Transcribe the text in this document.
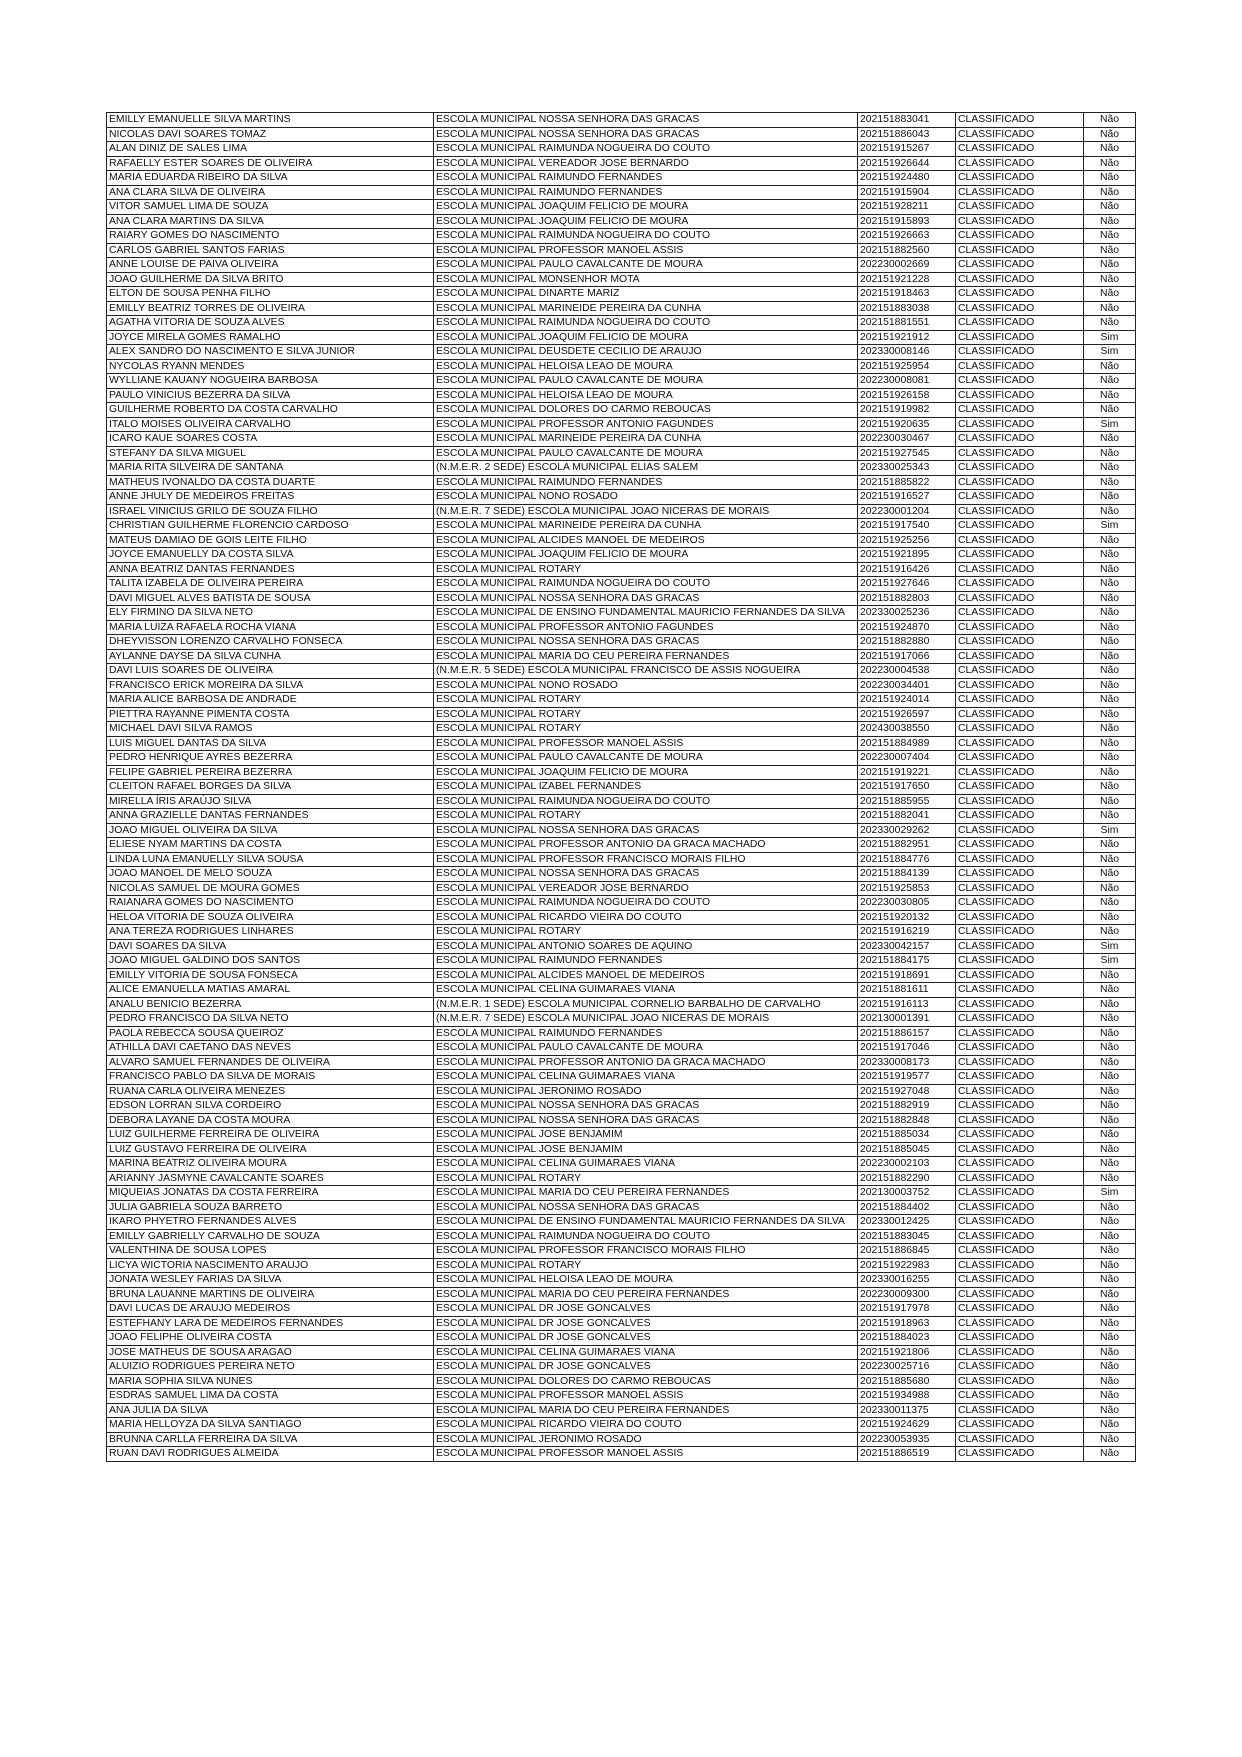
EMILLY EMANUELLE SILVA MARTINS	ESCOLA MUNICIPAL NOSSA SENHORA DAS GRACAS	202151883041	CLASSIFICADO	Não
NICOLAS DAVI SOARES TOMAZ	ESCOLA MUNICIPAL NOSSA SENHORA DAS GRACAS	202151886043	CLASSIFICADO	Não
ALAN DINIZ DE SALES LIMA	ESCOLA MUNICIPAL RAIMUNDA NOGUEIRA DO COUTO	202151915267	CLASSIFICADO	Não
RAFAELLY ESTER SOARES DE OLIVEIRA	ESCOLA MUNICIPAL VEREADOR JOSE BERNARDO	202151926644	CLASSIFICADO	Não
MARIA EDUARDA RIBEIRO DA SILVA	ESCOLA MUNICIPAL RAIMUNDO FERNANDES	202151924480	CLASSIFICADO	Não
ANA CLARA SILVA DE OLIVEIRA	ESCOLA MUNICIPAL RAIMUNDO FERNANDES	202151915904	CLASSIFICADO	Não
VITOR SAMUEL LIMA DE SOUZA	ESCOLA MUNICIPAL JOAQUIM FELICIO DE MOURA	202151928211	CLASSIFICADO	Não
ANA CLARA MARTINS DA SILVA	ESCOLA MUNICIPAL JOAQUIM FELICIO DE MOURA	202151915893	CLASSIFICADO	Não
RAIARY GOMES DO NASCIMENTO	ESCOLA MUNICIPAL RAIMUNDA NOGUEIRA DO COUTO	202151926663	CLASSIFICADO	Não
CARLOS GABRIEL SANTOS FARIAS	ESCOLA MUNICIPAL PROFESSOR MANOEL ASSIS	202151882560	CLASSIFICADO	Não
ANNE LOUISE DE PAIVA OLIVEIRA	ESCOLA MUNICIPAL PAULO CAVALCANTE DE MOURA	202230002669	CLASSIFICADO	Não
JOAO GUILHERME DA SILVA BRITO	ESCOLA MUNICIPAL MONSENHOR MOTA	202151921228	CLASSIFICADO	Não
ELTON DE SOUSA PENHA FILHO	ESCOLA MUNICIPAL DINARTE MARIZ	202151918463	CLASSIFICADO	Não
EMILLY BEATRIZ TORRES DE OLIVEIRA	ESCOLA MUNICIPAL MARINEIDE PEREIRA DA CUNHA	202151883038	CLASSIFICADO	Não
AGATHA VITORIA DE SOUZA ALVES	ESCOLA MUNICIPAL RAIMUNDA NOGUEIRA DO COUTO	202151881551	CLASSIFICADO	Não
JOYCE MIRELA GOMES RAMALHO	ESCOLA MUNICIPAL JOAQUIM FELICIO DE MOURA	202151921912	CLASSIFICADO	Sim
ALEX SANDRO DO NASCIMENTO E SILVA JUNIOR	ESCOLA MUNICIPAL DEUSDETE CECILIO DE ARAUJO	202330008146	CLASSIFICADO	Sim
NYCOLAS RYANN MENDES	ESCOLA MUNICIPAL HELOISA LEAO DE MOURA	202151925954	CLASSIFICADO	Não
WYLLIANE KAUANY NOGUEIRA BARBOSA	ESCOLA MUNICIPAL PAULO CAVALCANTE DE MOURA	202230008081	CLASSIFICADO	Não
PAULO VINICIUS BEZERRA DA SILVA	ESCOLA MUNICIPAL HELOISA LEAO DE MOURA	202151926158	CLASSIFICADO	Não
GUILHERME ROBERTO DA COSTA CARVALHO	ESCOLA MUNICIPAL DOLORES DO CARMO REBOUCAS	202151919982	CLASSIFICADO	Não
ITALO MOISES OLIVEIRA CARVALHO	ESCOLA MUNICIPAL PROFESSOR ANTONIO FAGUNDES	202151920635	CLASSIFICADO	Sim
ICARO KAUE SOARES COSTA	ESCOLA MUNICIPAL MARINEIDE PEREIRA DA CUNHA	202230030467	CLASSIFICADO	Não
STEFANY DA SILVA MIGUEL	ESCOLA MUNICIPAL PAULO CAVALCANTE DE MOURA	202151927545	CLASSIFICADO	Não
MARIA RITA SILVEIRA DE SANTANA	(N.M.E.R. 2 SEDE) ESCOLA MUNICIPAL ELIAS SALEM	202330025343	CLASSIFICADO	Não
MATHEUS IVONALDO DA COSTA DUARTE	ESCOLA MUNICIPAL RAIMUNDO FERNANDES	202151885822	CLASSIFICADO	Não
ANNE JHULY DE MEDEIROS FREITAS	ESCOLA MUNICIPAL NONO ROSADO	202151916527	CLASSIFICADO	Não
ISRAEL VINICIUS GRILO DE SOUZA FILHO	(N.M.E.R. 7 SEDE) ESCOLA MUNICIPAL JOAO NICERAS DE MORAIS	202230001204	CLASSIFICADO	Não
CHRISTIAN GUILHERME FLORENCIO CARDOSO	ESCOLA MUNICIPAL MARINEIDE PEREIRA DA CUNHA	202151917540	CLASSIFICADO	Sim
MATEUS DAMIAO DE GOIS LEITE FILHO	ESCOLA MUNICIPAL ALCIDES MANOEL DE MEDEIROS	202151925256	CLASSIFICADO	Não
JOYCE EMANUELLY DA COSTA SILVA	ESCOLA MUNICIPAL JOAQUIM FELICIO DE MOURA	202151921895	CLASSIFICADO	Não
ANNA BEATRIZ DANTAS FERNANDES	ESCOLA MUNICIPAL ROTARY	202151916426	CLASSIFICADO	Não
TALITA IZABELA DE OLIVEIRA PEREIRA	ESCOLA MUNICIPAL RAIMUNDA NOGUEIRA DO COUTO	202151927646	CLASSIFICADO	Não
DAVI MIGUEL ALVES BATISTA DE SOUSA	ESCOLA MUNICIPAL NOSSA SENHORA DAS GRACAS	202151882803	CLASSIFICADO	Não
ELY FIRMINO DA SILVA NETO	ESCOLA MUNICIPAL DE ENSINO FUNDAMENTAL MAURICIO FERNANDES DA SILVA	202330025236	CLASSIFICADO	Não
MARIA LUIZA RAFAELA ROCHA VIANA	ESCOLA MUNICIPAL PROFESSOR ANTONIO FAGUNDES	202151924870	CLASSIFICADO	Não
DHEYVISSON LORENZO CARVALHO FONSECA	ESCOLA MUNICIPAL NOSSA SENHORA DAS GRACAS	202151882880	CLASSIFICADO	Não
AYLANNE DAYSE DA SILVA CUNHA	ESCOLA MUNICIPAL MARIA DO CEU PEREIRA FERNANDES	202151917066	CLASSIFICADO	Não
DAVI LUIS SOARES DE OLIVEIRA	(N.M.E.R. 5 SEDE) ESCOLA MUNICIPAL FRANCISCO DE ASSIS NOGUEIRA	202230004538	CLASSIFICADO	Não
FRANCISCO ERICK MOREIRA DA SILVA	ESCOLA MUNICIPAL NONO ROSADO	202230034401	CLASSIFICADO	Não
MARIA ALICE BARBOSA DE ANDRADE	ESCOLA MUNICIPAL ROTARY	202151924014	CLASSIFICADO	Não
PIETTRA RAYANNE PIMENTA COSTA	ESCOLA MUNICIPAL ROTARY	202151926597	CLASSIFICADO	Não
MICHAEL DAVI SILVA RAMOS	ESCOLA MUNICIPAL ROTARY	202430038550	CLASSIFICADO	Não
LUIS MIGUEL DANTAS DA SILVA	ESCOLA MUNICIPAL PROFESSOR MANOEL ASSIS	202151884989	CLASSIFICADO	Não
PEDRO HENRIQUE AYRES BEZERRA	ESCOLA MUNICIPAL PAULO CAVALCANTE DE MOURA	202230007404	CLASSIFICADO	Não
FELIPE GABRIEL PEREIRA BEZERRA	ESCOLA MUNICIPAL JOAQUIM FELICIO DE MOURA	202151919221	CLASSIFICADO	Não
CLEITON RAFAEL BORGES DA SILVA	ESCOLA MUNICIPAL IZABEL FERNANDES	202151917650	CLASSIFICADO	Não
MIRELLA ÍRIS ARAÚJO SILVA	ESCOLA MUNICIPAL RAIMUNDA NOGUEIRA DO COUTO	202151885955	CLASSIFICADO	Não
ANNA GRAZIELLE DANTAS FERNANDES	ESCOLA MUNICIPAL ROTARY	202151882041	CLASSIFICADO	Não
JOAO MIGUEL OLIVEIRA DA SILVA	ESCOLA MUNICIPAL NOSSA SENHORA DAS GRACAS	202330029262	CLASSIFICADO	Sim
ELIESE NYAM MARTINS DA COSTA	ESCOLA MUNICIPAL PROFESSOR ANTONIO DA GRACA MACHADO	202151882951	CLASSIFICADO	Não
LINDA LUNA EMANUELLY SILVA SOUSA	ESCOLA MUNICIPAL PROFESSOR FRANCISCO MORAIS FILHO	202151884776	CLASSIFICADO	Não
JOAO MANOEL DE MELO SOUZA	ESCOLA MUNICIPAL NOSSA SENHORA DAS GRACAS	202151884139	CLASSIFICADO	Não
NICOLAS SAMUEL DE MOURA GOMES	ESCOLA MUNICIPAL VEREADOR JOSE BERNARDO	202151925853	CLASSIFICADO	Não
RAIANARA GOMES DO NASCIMENTO	ESCOLA MUNICIPAL RAIMUNDA NOGUEIRA DO COUTO	202230030805	CLASSIFICADO	Não
HELOA VITORIA DE SOUZA OLIVEIRA	ESCOLA MUNICIPAL RICARDO VIEIRA DO COUTO	202151920132	CLASSIFICADO	Não
ANA TEREZA RODRIGUES LINHARES	ESCOLA MUNICIPAL ROTARY	202151916219	CLASSIFICADO	Não
DAVI SOARES DA SILVA	ESCOLA MUNICIPAL ANTONIO SOARES DE AQUINO	202330042157	CLASSIFICADO	Sim
JOAO MIGUEL GALDINO DOS SANTOS	ESCOLA MUNICIPAL RAIMUNDO FERNANDES	202151884175	CLASSIFICADO	Sim
EMILLY VITORIA DE SOUSA FONSECA	ESCOLA MUNICIPAL ALCIDES MANOEL DE MEDEIROS	202151918691	CLASSIFICADO	Não
ALICE EMANUELLA MATIAS AMARAL	ESCOLA MUNICIPAL CELINA GUIMARAES VIANA	202151881611	CLASSIFICADO	Não
ANALU BENICIO BEZERRA	(N.M.E.R. 1 SEDE) ESCOLA MUNICIPAL CORNELIO BARBALHO DE CARVALHO	202151916113	CLASSIFICADO	Não
PEDRO FRANCISCO DA SILVA NETO	(N.M.E.R. 7 SEDE) ESCOLA MUNICIPAL JOAO NICERAS DE MORAIS	202130001391	CLASSIFICADO	Não
PAOLA REBECCA SOUSA QUEIROZ	ESCOLA MUNICIPAL RAIMUNDO FERNANDES	202151886157	CLASSIFICADO	Não
ATHILLA DAVI CAETANO DAS NEVES	ESCOLA MUNICIPAL PAULO CAVALCANTE DE MOURA	202151917046	CLASSIFICADO	Não
ALVARO SAMUEL FERNANDES DE OLIVEIRA	ESCOLA MUNICIPAL PROFESSOR ANTONIO DA GRACA MACHADO	202330008173	CLASSIFICADO	Não
FRANCISCO PABLO DA SILVA DE MORAIS	ESCOLA MUNICIPAL CELINA GUIMARAES VIANA	202151919577	CLASSIFICADO	Não
RUANA CARLA OLIVEIRA MENEZES	ESCOLA MUNICIPAL JERONIMO ROSADO	202151927048	CLASSIFICADO	Não
EDSON LORRAN SILVA CORDEIRO	ESCOLA MUNICIPAL NOSSA SENHORA DAS GRACAS	202151882919	CLASSIFICADO	Não
DEBORA LAYANE DA COSTA MOURA	ESCOLA MUNICIPAL NOSSA SENHORA DAS GRACAS	202151882848	CLASSIFICADO	Não
LUIZ GUILHERME FERREIRA DE OLIVEIRA	ESCOLA MUNICIPAL JOSE BENJAMIM	202151885034	CLASSIFICADO	Não
LUIZ GUSTAVO FERREIRA DE OLIVEIRA	ESCOLA MUNICIPAL JOSE BENJAMIM	202151885045	CLASSIFICADO	Não
MARINA BEATRIZ OLIVEIRA MOURA	ESCOLA MUNICIPAL CELINA GUIMARAES VIANA	202230002103	CLASSIFICADO	Não
ARIANNY JASMYNE CAVALCANTE SOARES	ESCOLA MUNICIPAL ROTARY	202151882290	CLASSIFICADO	Não
MIQUEIAS JONATAS DA COSTA FERREIRA	ESCOLA MUNICIPAL MARIA DO CEU PEREIRA FERNANDES	202130003752	CLASSIFICADO	Sim
JULIA GABRIELA SOUZA BARRETO	ESCOLA MUNICIPAL NOSSA SENHORA DAS GRACAS	202151884402	CLASSIFICADO	Não
IKARO PHYETRO FERNANDES ALVES	ESCOLA MUNICIPAL DE ENSINO FUNDAMENTAL MAURICIO FERNANDES DA SILVA	202330012425	CLASSIFICADO	Não
EMILLY GABRIELLY CARVALHO DE SOUZA	ESCOLA MUNICIPAL RAIMUNDA NOGUEIRA DO COUTO	202151883045	CLASSIFICADO	Não
VALENTHINA DE SOUSA LOPES	ESCOLA MUNICIPAL PROFESSOR FRANCISCO MORAIS FILHO	202151886845	CLASSIFICADO	Não
LICYA WICTORIA NASCIMENTO ARAUJO	ESCOLA MUNICIPAL ROTARY	202151922983	CLASSIFICADO	Não
JONATA WESLEY FARIAS DA SILVA	ESCOLA MUNICIPAL HELOISA LEAO DE MOURA	202330016255	CLASSIFICADO	Não
BRUNA LAUANNE MARTINS DE OLIVEIRA	ESCOLA MUNICIPAL MARIA DO CEU PEREIRA FERNANDES	202230009300	CLASSIFICADO	Não
DAVI LUCAS DE ARAUJO MEDEIROS	ESCOLA MUNICIPAL DR JOSE GONCALVES	202151917978	CLASSIFICADO	Não
ESTEFHANY LARA DE MEDEIROS FERNANDES	ESCOLA MUNICIPAL DR JOSE GONCALVES	202151918963	CLASSIFICADO	Não
JOAO FELIPHE OLIVEIRA COSTA	ESCOLA MUNICIPAL DR JOSE GONCALVES	202151884023	CLASSIFICADO	Não
JOSE MATHEUS DE SOUSA ARAGAO	ESCOLA MUNICIPAL CELINA GUIMARAES VIANA	202151921806	CLASSIFICADO	Não
ALUIZIO RODRIGUES PEREIRA NETO	ESCOLA MUNICIPAL DR JOSE GONCALVES	202230025716	CLASSIFICADO	Não
MARIA SOPHIA SILVA NUNES	ESCOLA MUNICIPAL DOLORES DO CARMO REBOUCAS	202151885680	CLASSIFICADO	Não
ESDRAS SAMUEL LIMA DA COSTA	ESCOLA MUNICIPAL PROFESSOR MANOEL ASSIS	202151934988	CLASSIFICADO	Não
ANA JULIA DA SILVA	ESCOLA MUNICIPAL MARIA DO CEU PEREIRA FERNANDES	202330011375	CLASSIFICADO	Não
MARIA HELLOYZA DA SILVA SANTIAGO	ESCOLA MUNICIPAL RICARDO VIEIRA DO COUTO	202151924629	CLASSIFICADO	Não
BRUNNA CARLLA FERREIRA DA SILVA	ESCOLA MUNICIPAL JERONIMO ROSADO	202230053935	CLASSIFICADO	Não
RUAN DAVI RODRIGUES ALMEIDA	ESCOLA MUNICIPAL PROFESSOR MANOEL ASSIS	202151886519	CLASSIFICADO	Não
